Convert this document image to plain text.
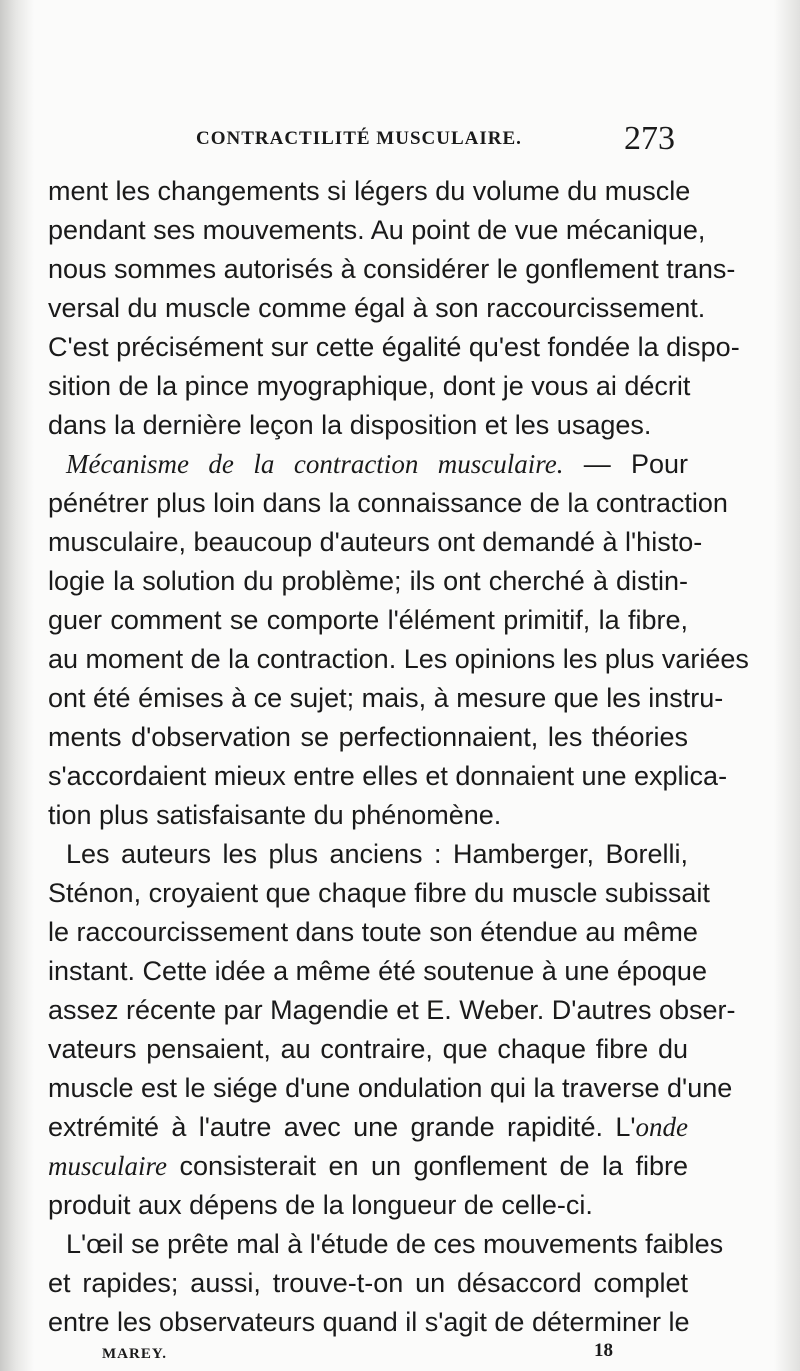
CONTRACTILITÉ MUSCULAIRE.	273
ment les changements si légers du volume du muscle
pendant ses mouvements. Au point de vue mécanique,
nous sommes autorisés à considérer le gonflement trans-
versal du muscle comme égal à son raccourcissement.
C'est précisément sur cette égalité qu'est fondée la dispo-
sition de la pince myographique, dont je vous ai décrit
dans la dernière leçon la disposition et les usages.
Mécanisme de la contraction musculaire. — Pour
pénétrer plus loin dans la connaissance de la contraction
musculaire, beaucoup d'auteurs ont demandé à l'histo-
logie la solution du problème; ils ont cherché à distin-
guer comment se comporte l'élément primitif, la fibre,
au moment de la contraction. Les opinions les plus variées
ont été émises à ce sujet; mais, à mesure que les instru-
ments d'observation se perfectionnaient, les théories
s'accordaient mieux entre elles et donnaient une explica-
tion plus satisfaisante du phénomène.
Les auteurs les plus anciens : Hamberger, Borelli,
Sténon, croyaient que chaque fibre du muscle subissait
le raccourcissement dans toute son étendue au même
instant. Cette idée a même été soutenue à une époque
assez récente par Magendie et E. Weber. D'autres obser-
vateurs pensaient, au contraire, que chaque fibre du
muscle est le siége d'une ondulation qui la traverse d'une
extrémité à l'autre avec une grande rapidité. L'onde
musculaire consisterait en un gonflement de la fibre
produit aux dépens de la longueur de celle-ci.
L'œil se prête mal à l'étude de ces mouvements faibles
et rapides; aussi, trouve-t-on un désaccord complet
entre les observateurs quand il s'agit de déterminer le
MAREY.	18
